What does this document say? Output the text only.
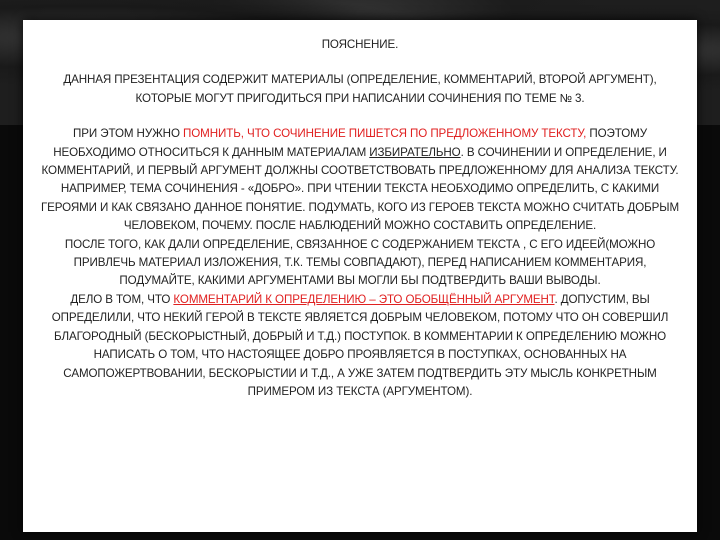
ПОЯСНЕНИЕ.

ДАННАЯ ПРЕЗЕНТАЦИЯ СОДЕРЖИТ МАТЕРИАЛЫ (ОПРЕДЕЛЕНИЕ, КОММЕНТАРИЙ, ВТОРОЙ АРГУМЕНТ), КОТОРЫЕ МОГУТ ПРИГОДИТЬСЯ ПРИ НАПИСАНИИ СОЧИНЕНИЯ ПО ТЕМЕ № 3.

ПРИ ЭТОМ НУЖНО ПОМНИТЬ, ЧТО СОЧИНЕНИЕ ПИШЕТСЯ ПО ПРЕДЛОЖЕННОМУ ТЕКСТУ, ПОЭТОМУ НЕОБХОДИМО ОТНОСИТЬСЯ К ДАННЫМ МАТЕРИАЛАМ ИЗБИРАТЕЛЬНО. В СОЧИНЕНИИ И ОПРЕДЕЛЕНИЕ, И КОММЕНТАРИЙ, И ПЕРВЫЙ АРГУМЕНТ ДОЛЖНЫ СООТВЕТСТВОВАТЬ ПРЕДЛОЖЕННОМУ ДЛЯ АНАЛИЗА ТЕКСТУ.

НАПРИМЕР, ТЕМА СОЧИНЕНИЯ - «ДОБРО». ПРИ ЧТЕНИИ ТЕКСТА НЕОБХОДИМО ОПРЕДЕЛИТЬ, С КАКИМИ ГЕРОЯМИ И КАК СВЯЗАНО ДАННОЕ ПОНЯТИЕ. ПОДУМАТЬ, КОГО ИЗ ГЕРОЕВ ТЕКСТА МОЖНО СЧИТАТЬ ДОБРЫМ ЧЕЛОВЕКОМ, ПОЧЕМУ. ПОСЛЕ НАБЛЮДЕНИЙ МОЖНО СОСТАВИТЬ ОПРЕДЕЛЕНИЕ.

ПОСЛЕ ТОГО, КАК ДАЛИ ОПРЕДЕЛЕНИЕ, СВЯЗАННОЕ С СОДЕРЖАНИЕМ ТЕКСТА , С ЕГО ИДЕЕЙ(МОЖНО ПРИВЛЕЧЬ МАТЕРИАЛ ИЗЛОЖЕНИЯ, Т.К. ТЕМЫ СОВПАДАЮТ), ПЕРЕД НАПИСАНИЕМ КОММЕНТАРИЯ, ПОДУМАЙТЕ, КАКИМИ АРГУМЕНТАМИ ВЫ МОГЛИ БЫ ПОДТВЕРДИТЬ ВАШИ ВЫВОДЫ.

ДЕЛО В ТОМ, ЧТО КОММЕНТАРИЙ К ОПРЕДЕЛЕНИЮ – ЭТО ОБОБЩЁННЫЙ АРГУМЕНТ. ДОПУСТИМ, ВЫ ОПРЕДЕЛИЛИ, ЧТО НЕКИЙ ГЕРОЙ В ТЕКСТЕ ЯВЛЯЕТСЯ ДОБРЫМ ЧЕЛОВЕКОМ, ПОТОМУ ЧТО ОН СОВЕРШИЛ БЛАГОРОДНЫЙ (БЕСКОРЫСТНЫЙ, ДОБРЫЙ И Т.Д.) ПОСТУПОК. В КОММЕНТАРИИ К ОПРЕДЕЛЕНИЮ МОЖНО НАПИСАТЬ О ТОМ, ЧТО НАСТОЯЩЕЕ ДОБРО ПРОЯВЛЯЕТСЯ В ПОСТУПКАХ, ОСНОВАННЫХ НА САМОПОЖЕРТВОВАНИИ, БЕСКОРЫСТИИ И Т.Д., А УЖЕ ЗАТЕМ ПОДТВЕРДИТЬ ЭТУ МЫСЛЬ КОНКРЕТНЫМ ПРИМЕРОМ ИЗ ТЕКСТА (АРГУМЕНТОМ).
